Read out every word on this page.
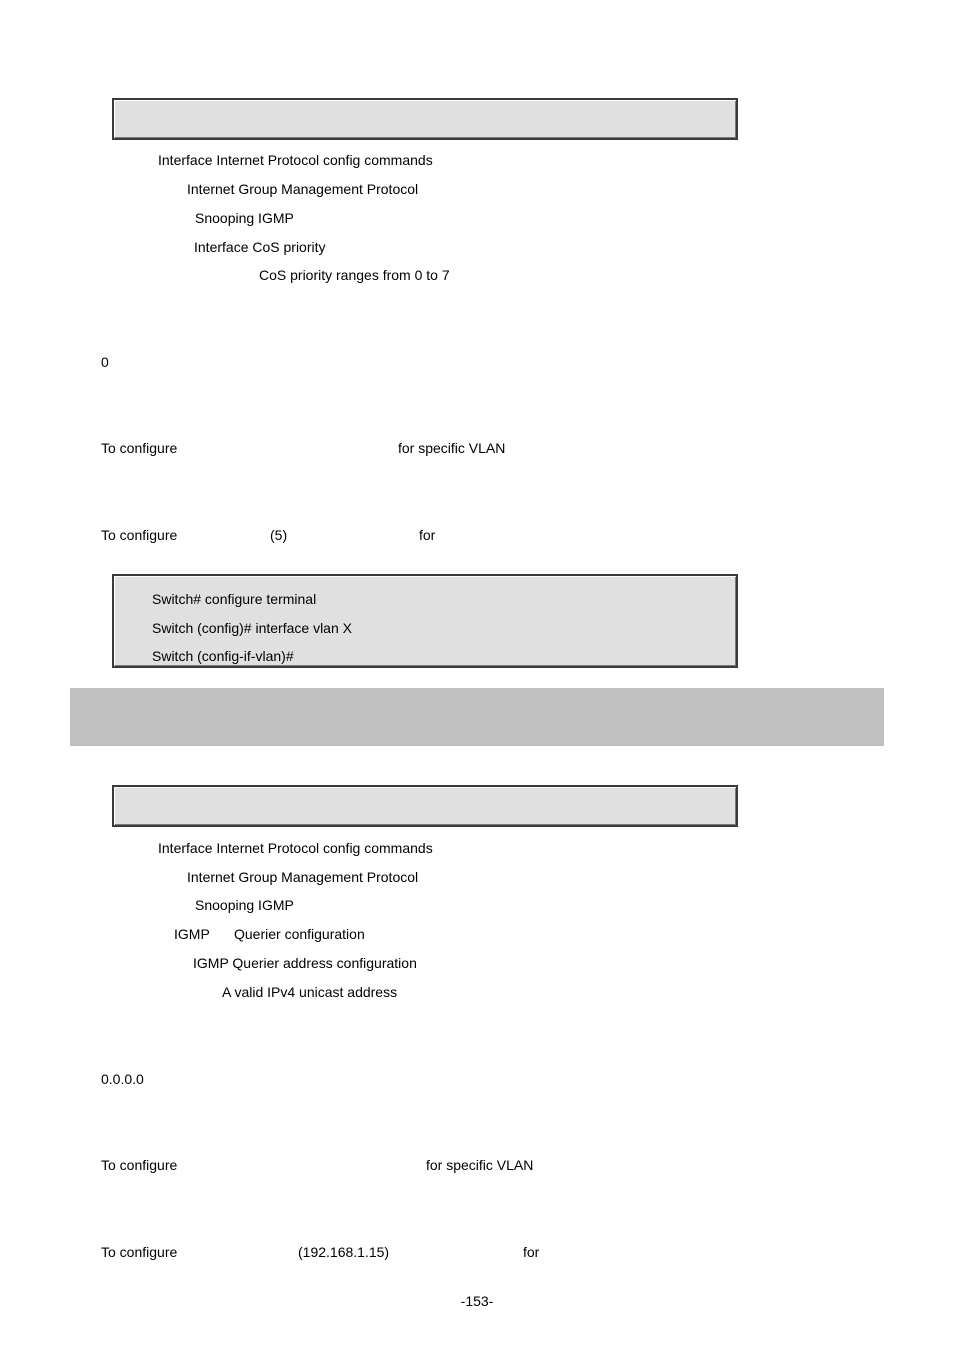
Interface Internet Protocol config commands
Internet Group Management Protocol
Snooping IGMP
Interface CoS priority
CoS priority ranges from 0 to 7
0
To configure	for specific VLAN
To configure	(5)	for
Switch# configure terminal
Switch (config)# interface vlan X
Switch (config-if-vlan)#
Interface Internet Protocol config commands
Internet Group Management Protocol
Snooping IGMP
IGMP Querier configuration
IGMP Querier address configuration
A valid IPv4 unicast address
0.0.0.0
To configure	for specific VLAN
To configure	(192.168.1.15)	for
-153-
